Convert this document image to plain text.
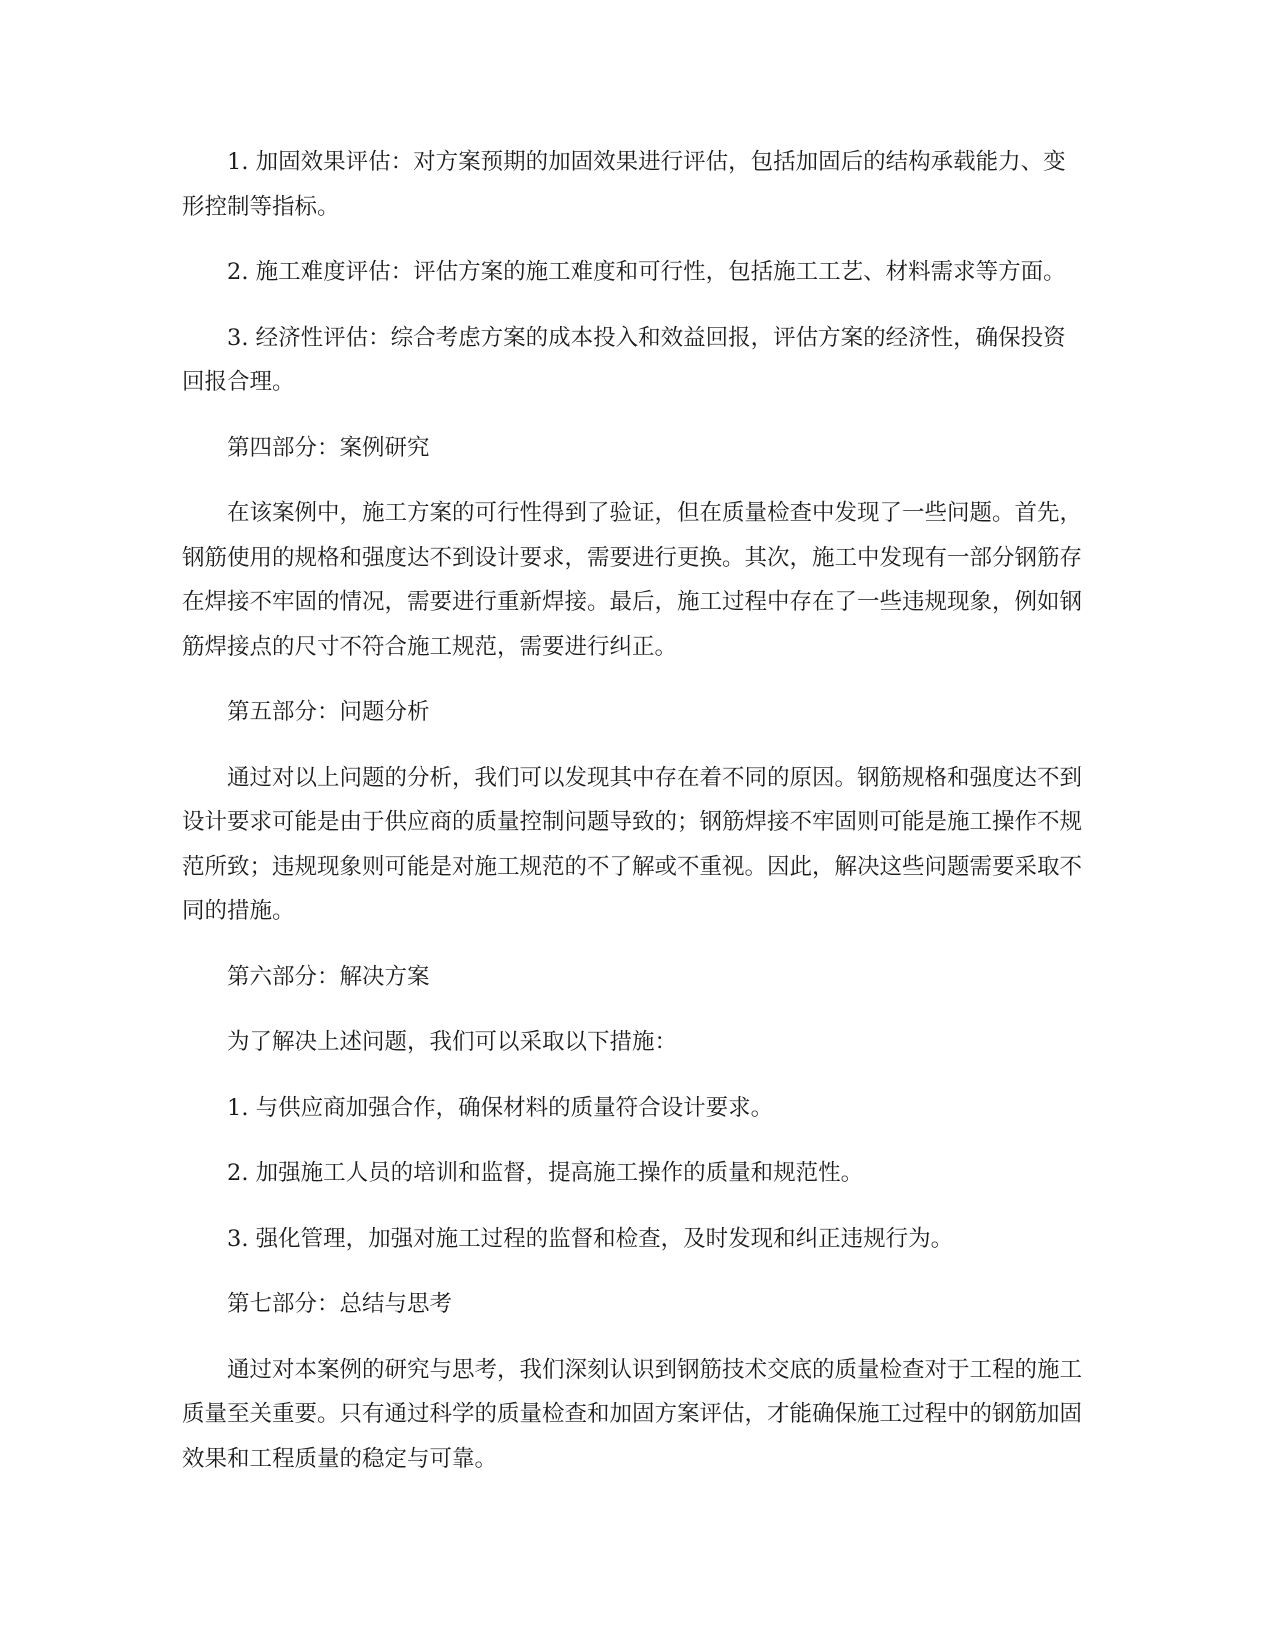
1. 加固效果评估：对方案预期的加固效果进行评估，包括加固后的结构承载能力、变形控制等指标。

2. 施工难度评估：评估方案的施工难度和可行性，包括施工工艺、材料需求等方面。

3. 经济性评估：综合考虑方案的成本投入和效益回报，评估方案的经济性，确保投资回报合理。

第四部分：案例研究

在该案例中，施工方案的可行性得到了验证，但在质量检查中发现了一些问题。首先，钢筋使用的规格和强度达不到设计要求，需要进行更换。其次，施工中发现有一部分钢筋存在焊接不牢固的情况，需要进行重新焊接。最后，施工过程中存在了一些违规现象，例如钢筋焊接点的尺寸不符合施工规范，需要进行纠正。

第五部分：问题分析

通过对以上问题的分析，我们可以发现其中存在着不同的原因。钢筋规格和强度达不到设计要求可能是由于供应商的质量控制问题导致的；钢筋焊接不牢固则可能是施工操作不规范所致；违规现象则可能是对施工规范的不了解或不重视。因此，解决这些问题需要采取不同的措施。

第六部分：解决方案

为了解决上述问题，我们可以采取以下措施：

1. 与供应商加强合作，确保材料的质量符合设计要求。

2. 加强施工人员的培训和监督，提高施工操作的质量和规范性。

3. 强化管理，加强对施工过程的监督和检查，及时发现和纠正违规行为。

第七部分：总结与思考

通过对本案例的研究与思考，我们深刻认识到钢筋技术交底的质量检查对于工程的施工质量至关重要。只有通过科学的质量检查和加固方案评估，才能确保施工过程中的钢筋加固效果和工程质量的稳定与可靠。
